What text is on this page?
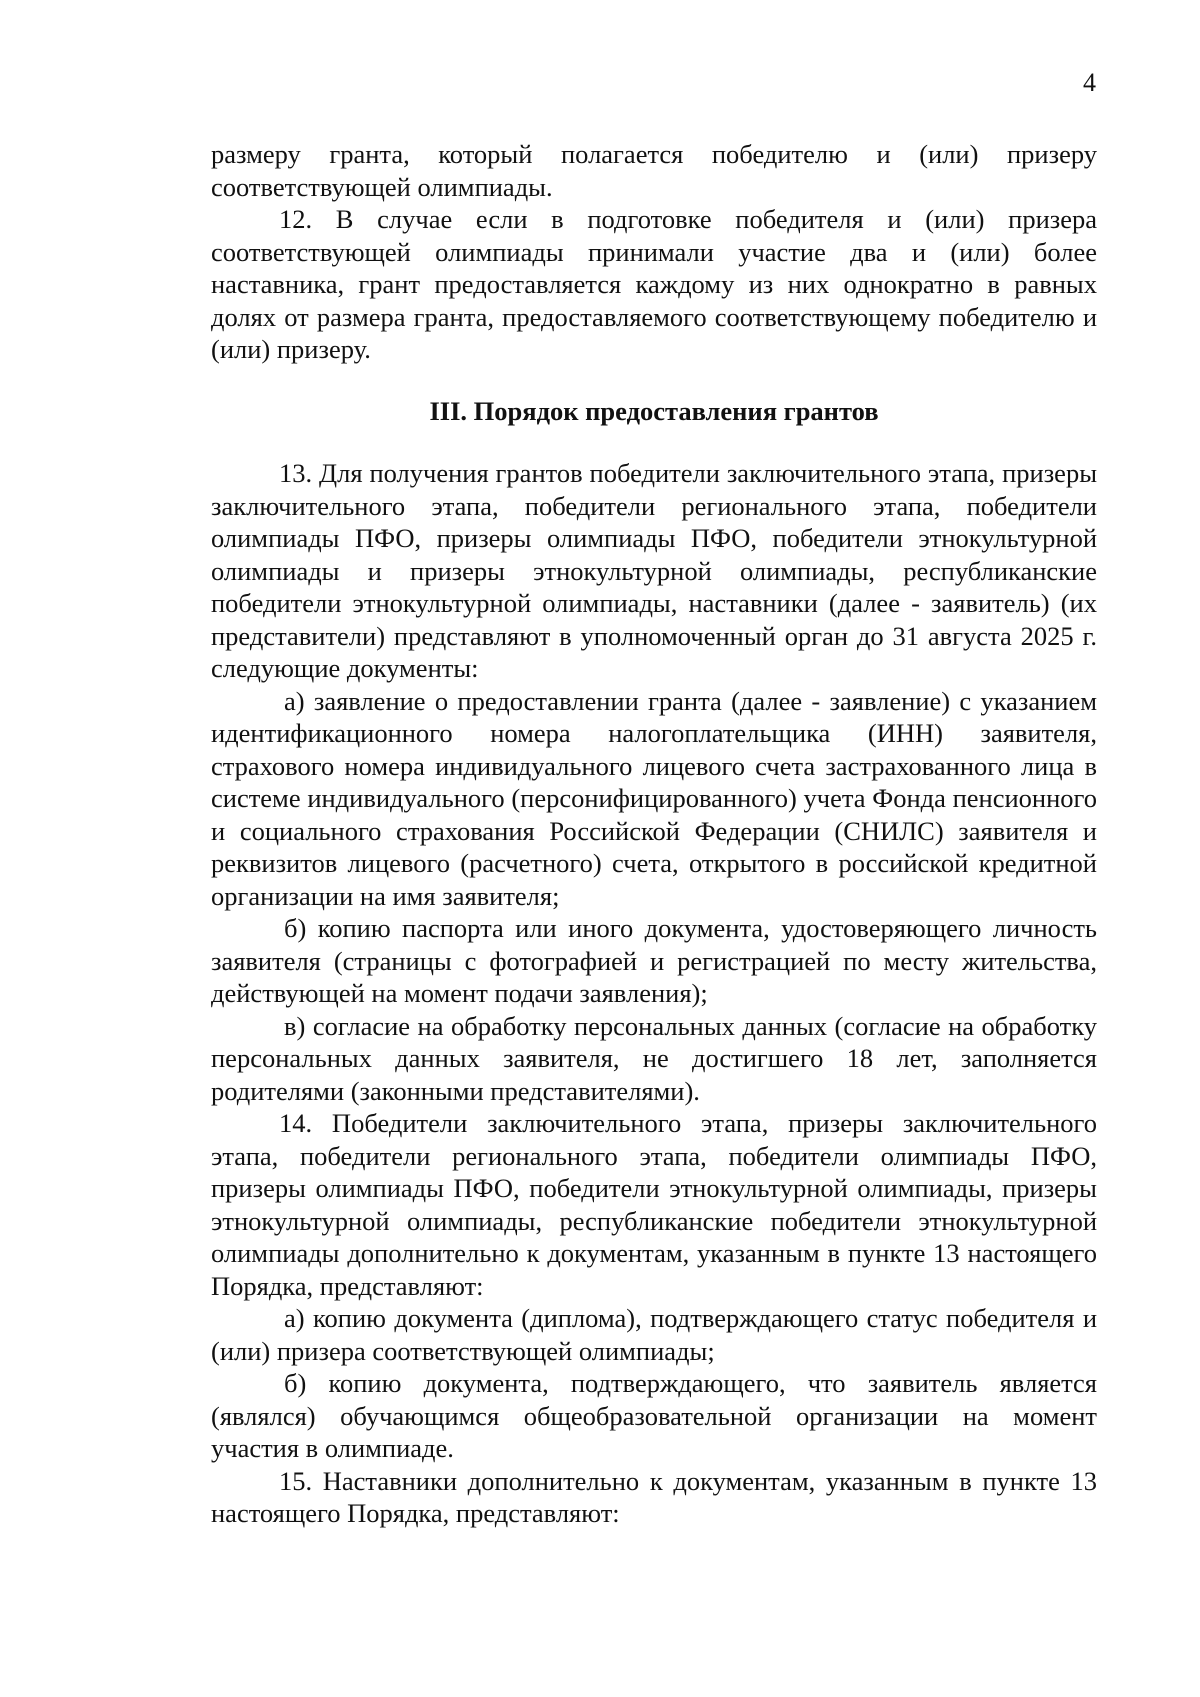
4

размеру гранта, который полагается победителю и (или) призеру соответствующей олимпиады.

12. В случае если в подготовке победителя и (или) призера соответствующей олимпиады принимали участие два и (или) более наставника, грант предоставляется каждому из них однократно в равных долях от размера гранта, предоставляемого соответствующему победителю и (или) призеру.

III. Порядок предоставления грантов

13. Для получения грантов победители заключительного этапа, призеры заключительного этапа, победители регионального этапа, победители олимпиады ПФО, призеры олимпиады ПФО, победители этнокультурной олимпиады и призеры этнокультурной олимпиады, республиканские победители этнокультурной олимпиады, наставники (далее - заявитель) (их представители) представляют в уполномоченный орган до 31 августа 2025 г. следующие документы:

а) заявление о предоставлении гранта (далее - заявление) с указанием идентификационного номера налогоплательщика (ИНН) заявителя, страхового номера индивидуального лицевого счета застрахованного лица в системе индивидуального (персонифицированного) учета Фонда пенсионного и социального страхования Российской Федерации (СНИЛС) заявителя и реквизитов лицевого (расчетного) счета, открытого в российской кредитной организации на имя заявителя;

б) копию паспорта или иного документа, удостоверяющего личность заявителя (страницы с фотографией и регистрацией по месту жительства, действующей на момент подачи заявления);

в) согласие на обработку персональных данных (согласие на обработку персональных данных заявителя, не достигшего 18 лет, заполняется родителями (законными представителями).

14. Победители заключительного этапа, призеры заключительного этапа, победители регионального этапа, победители олимпиады ПФО, призеры олимпиады ПФО, победители этнокультурной олимпиады, призеры этнокультурной олимпиады, республиканские победители этнокультурной олимпиады дополнительно к документам, указанным в пункте 13 настоящего Порядка, представляют:

а) копию документа (диплома), подтверждающего статус победителя и (или) призера соответствующей олимпиады;

б) копию документа, подтверждающего, что заявитель является (являлся) обучающимся общеобразовательной организации на момент участия в олимпиаде.

15. Наставники дополнительно к документам, указанным в пункте 13 настоящего Порядка, представляют:
